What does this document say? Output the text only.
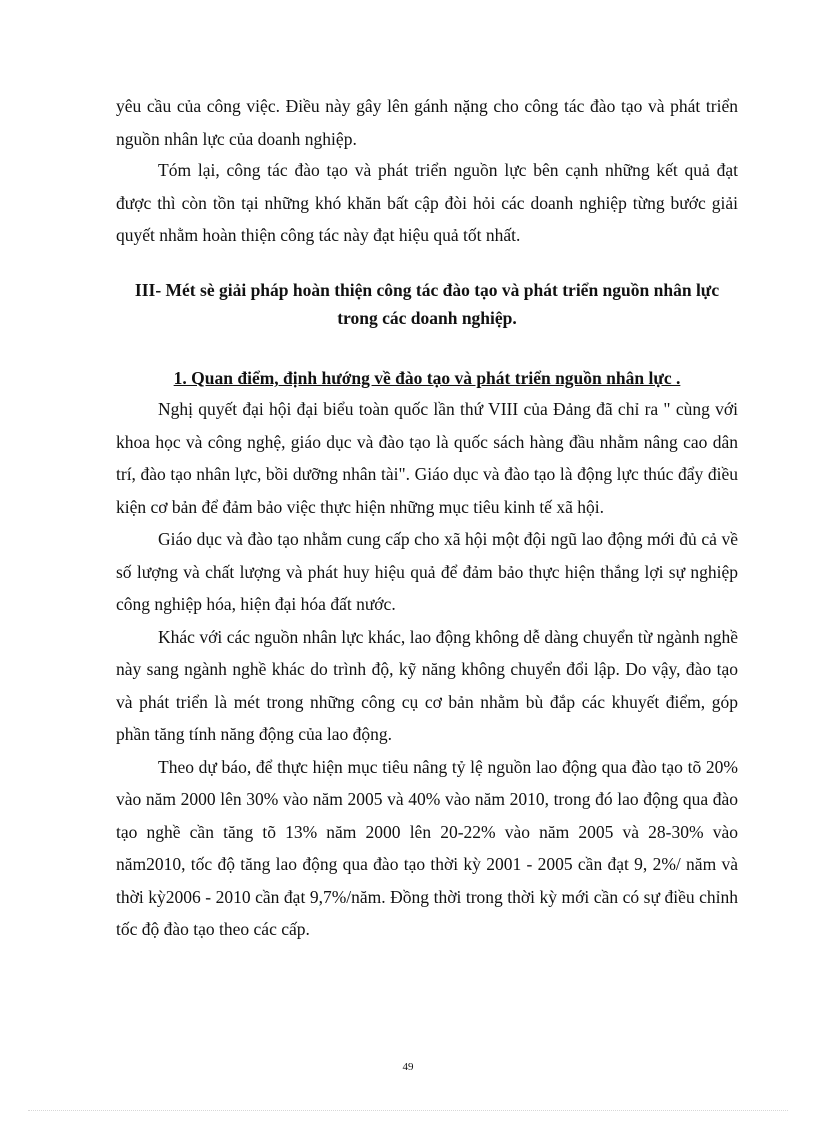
yêu cầu của công việc. Điều này gây lên gánh nặng cho công tác đào tạo và phát triển nguồn nhân lực của doanh nghiệp.

Tóm lại, công tác đào tạo và phát triển nguồn lực bên cạnh những kết quả đạt được thì còn tồn tại những khó khăn bất cập đòi hỏi các doanh nghiệp từng bước giải quyết nhằm hoàn thiện công tác này đạt hiệu quả tốt nhất.

III- Mét sè giải pháp hoàn thiện công tác đào tạo và phát triển nguồn nhân lực trong các doanh nghiệp.
1. Quan điểm, định hướng về đào tạo và phát triển nguồn nhân lực .

Nghị quyết đại hội đại biểu toàn quốc lần thứ VIII của Đảng đã chỉ ra " cùng với khoa học và công nghệ, giáo dục và đào tạo là quốc sách hàng đầu nhằm nâng cao dân trí, đào tạo nhân lực, bồi dưỡng nhân tài". Giáo dục và đào tạo là động lực thúc đẩy điều kiện cơ bản để đảm bảo việc thực hiện những mục tiêu kinh tế xã hội.

Giáo dục và đào tạo nhằm cung cấp cho xã hội một đội ngũ lao động mới đủ cả về số lượng và chất lượng và phát huy hiệu quả để đảm bảo thực hiện thắng lợi sự nghiệp công nghiệp hóa, hiện đại hóa đất nước.

Khác với các nguồn nhân lực khác, lao động không dễ dàng chuyển từ ngành nghề này sang ngành nghề khác do trình độ, kỹ năng không chuyển đổi lập. Do vậy, đào tạo và phát triển là mét trong những công cụ cơ bản nhằm bù đắp các khuyết điểm, góp phần tăng tính năng động của lao động.

Theo dự báo, để thực hiện mục tiêu nâng tỷ lệ nguồn lao động qua đào tạo tõ 20% vào năm 2000 lên 30% vào năm 2005 và 40% vào năm 2010, trong đó lao động qua đào tạo nghề cần tăng tõ 13% năm 2000 lên 20-22% vào năm 2005 và 28-30% vào năm2010, tốc độ tăng lao động qua đào tạo thời kỳ 2001 - 2005 cần đạt 9, 2%/ năm và thời kỳ2006 - 2010 cần đạt 9,7%/năm. Đồng thời trong thời kỳ mới cần có sự điều chỉnh tốc độ đào tạo theo các cấp.

49
